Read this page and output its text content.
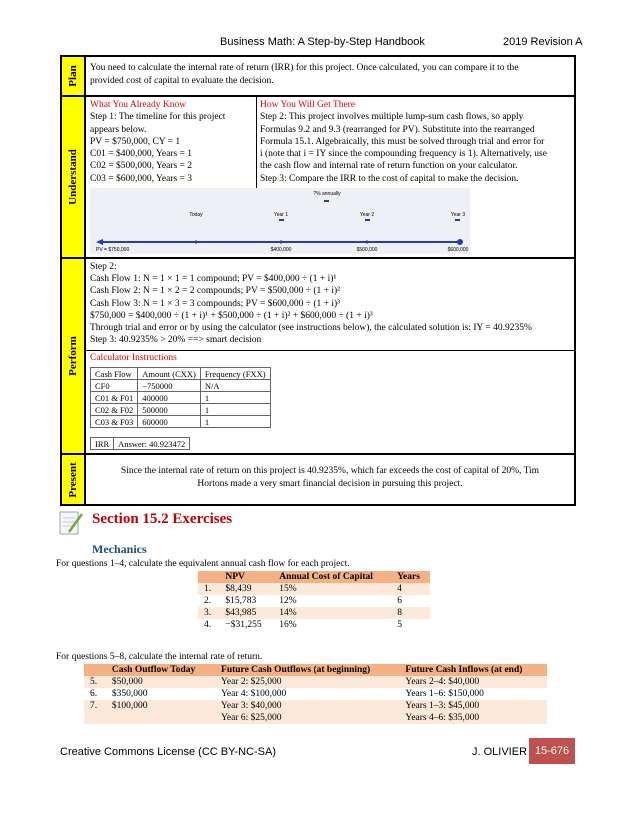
Business Math: A Step-by-Step Handbook	2019 Revision A
Plan You need to calculate the internal rate of return (IRR) for this project. Once calculated, you can compare it to the
provided cost of capital to evaluate the decision.
Understand
What You Already Know
Step 1: The timeline for this project
appears below.
PV = $750,000, CY = 1
C01 = $400,000, Years = 1
C02 = $500,000, Years = 2
C03 = $600,000, Years = 3
How You Will Get There
Step 2: This project involves multiple lump-sum cash flows, so apply
Formulas 9.2 and 9.3 (rearranged for PV). Substitute into the rearranged
Formula 15.1. Algebraically, this must be solved through trial and error for
i (note that i = IY since the compounding frequency is 1). Alternatively, use
the cash flow and internal rate of return function on your calculator.
Step 3: Compare the IRR to the cost of capital to make the decision.
Perform
Step 2:
Cash Flow 1: N = 1 × 1 = 1 compound; PV = $400,000 ÷ (1 + i)¹
Cash Flow 2: N = 1 × 2 = 2 compounds; PV = $500,000 ÷ (1 + i)²
Cash Flow 3: N = 1 × 3 = 3 compounds; PV = $600,000 ÷ (1 + i)³
$750,000 = $400,000 ÷ (1 + i)¹ + $500,000 ÷ (1 + i)² + $600,000 ÷ (1 + i)³
Through trial and error or by using the calculator (see instructions below), the calculated solution is: IY = 40.9235%
Step 3: 40.9235% > 20% ==> smart decision
Calculator Instructions
Cash Flow	Amount (CXX)	Frequency (FXX)
CF0	−750000	N/A
C01 & F01	400000	1
C02 & F02	500000	1
C03 & F03	600000	1
IRR	Answer: 40.923472
Present	Since the internal rate of return on this project is 40.9235%, which far exceeds the cost of capital of 20%, Tim
Hortons made a very smart financial decision in pursuing this project.
?% annually
Today	Year 1	Year 2	Year 3
PV = $750,000	$400,000	$500,000	$600,000
Section 15.2 Exercises
Mechanics
For questions 1–4, calculate the equivalent annual cash flow for each project.
	NPV	Annual Cost of Capital	Years
1.	$8,439	15%	4
2.	$15,783	12%	6
3.	$43,985	14%	8
4.	−$31,255	16%	5
For questions 5–8, calculate the internal rate of return.
	Cash Outflow Today	Future Cash Outflows (at beginning)	Future Cash Inflows (at end)
5.	$50,000	Year 2: $25,000	Years 2–4: $40,000
6.	$350,000	Year 4: $100,000	Years 1–6: $150,000
7.	$100,000	Year 3: $40,000	Years 1–3: $45,000
		Year 6: $25,000	Years 4–6: $35,000
Creative Commons License (CC BY-NC-SA)	J. OLIVIER 15-676
